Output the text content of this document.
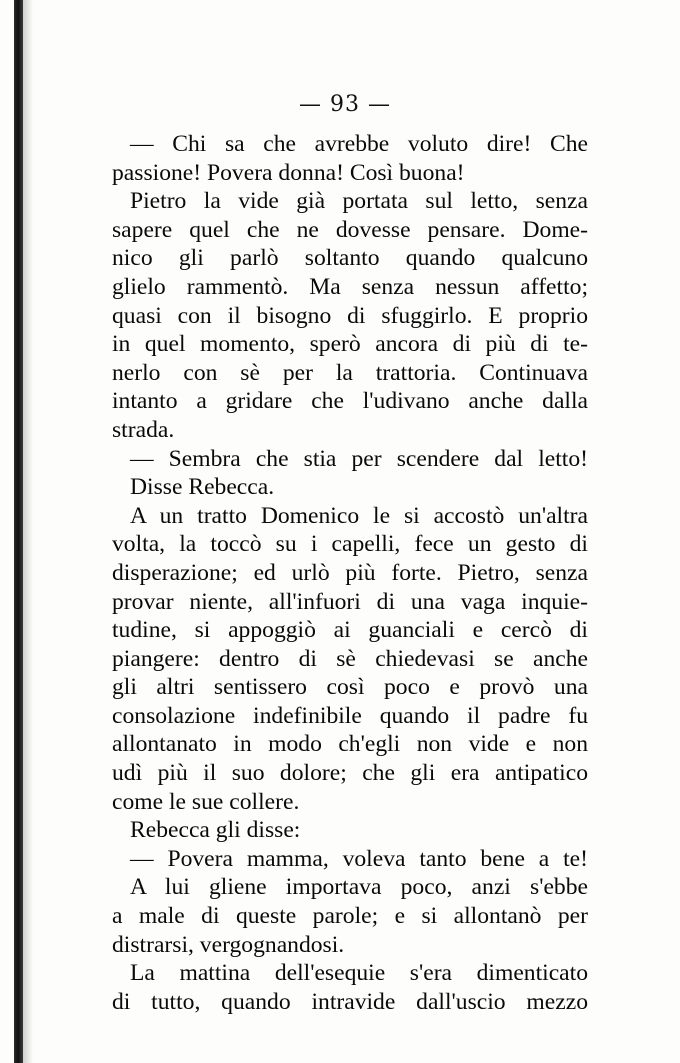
— 93 —
— Chi sa che avrebbe voluto dire! Che
passione! Povera donna! Così buona!
Pietro la vide già portata sul letto, senza
sapere quel che ne dovesse pensare. Dome-
nico gli parlò soltanto quando qualcuno
glielo rammentò. Ma senza nessun affetto;
quasi con il bisogno di sfuggirlo. E proprio
in quel momento, sperò ancora di più di te-
nerlo con sè per la trattoria. Continuava
intanto a gridare che l'udivano anche dalla
strada.
— Sembra che stia per scendere dal letto!
Disse Rebecca.
A un tratto Domenico le si accostò un'altra
volta, la toccò su i capelli, fece un gesto di
disperazione; ed urlò più forte. Pietro, senza
provar niente, all'infuori di una vaga inquie-
tudine, si appoggiò ai guanciali e cercò di
piangere: dentro di sè chiedevasi se anche
gli altri sentissero così poco e provò una
consolazione indefinibile quando il padre fu
allontanato in modo ch'egli non vide e non
udì più il suo dolore; che gli era antipatico
come le sue collere.
Rebecca gli disse:
— Povera mamma, voleva tanto bene a te!
A lui gliene importava poco, anzi s'ebbe
a male di queste parole; e si allontanò per
distrarsi, vergognandosi.
La mattina dell'esequie s'era dimenticato
di tutto, quando intravide dall'uscio mezzo
